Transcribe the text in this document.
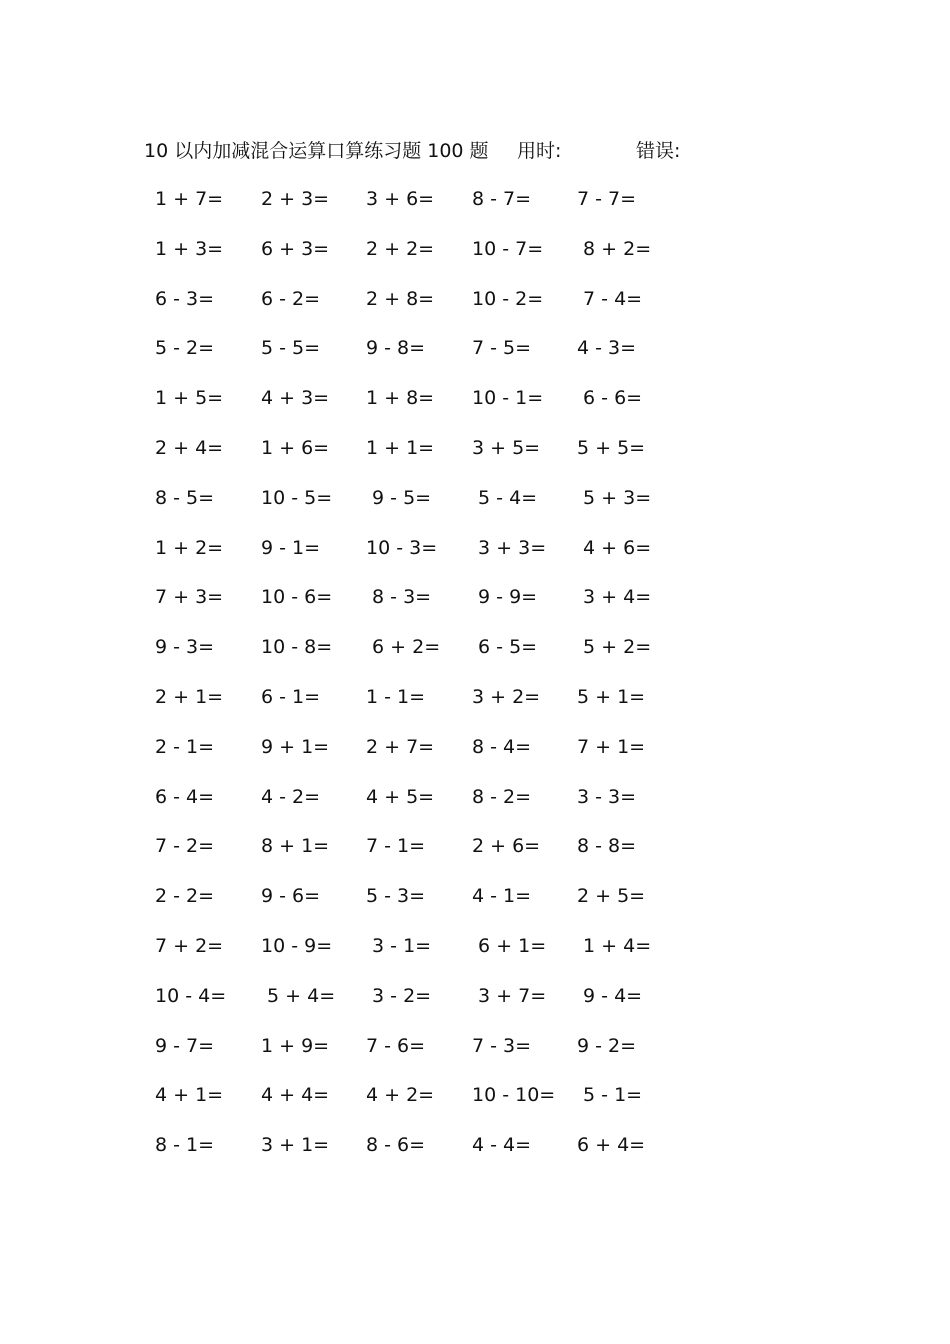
10 以内加减混合运算口算练习题 100 题 用时:	错误:
1 + 7= 2 + 3= 3 + 6= 8 - 7= 7 - 7=
1 + 3= 6 + 3= 2 + 2= 10 - 7= 8 + 2=
6 - 3= 6 - 2= 2 + 8= 10 - 2= 7 - 4=
5 - 2= 5 - 5= 9 - 8= 7 - 5= 4 - 3=
1 + 5= 4 + 3= 1 + 8= 10 - 1= 6 - 6=
2 + 4= 1 + 6= 1 + 1= 3 + 5= 5 + 5=
8 - 5= 10 - 5= 9 - 5= 5 - 4= 5 + 3=
1 + 2= 9 - 1= 10 - 3= 3 + 3= 4 + 6=
7 + 3= 10 - 6= 8 - 3= 9 - 9= 3 + 4=
9 - 3= 10 - 8= 6 + 2= 6 - 5= 5 + 2=
2 + 1= 6 - 1= 1 - 1= 3 + 2= 5 + 1=
2 - 1= 9 + 1= 2 + 7= 8 - 4= 7 + 1=
6 - 4= 4 - 2= 4 + 5= 8 - 2= 3 - 3=
7 - 2= 8 + 1= 7 - 1= 2 + 6= 8 - 8=
2 - 2= 9 - 6= 5 - 3= 4 - 1= 2 + 5=
7 + 2= 10 - 9= 3 - 1= 6 + 1= 1 + 4=
10 - 4= 5 + 4= 3 - 2= 3 + 7= 9 - 4=
9 - 7= 1 + 9= 7 - 6= 7 - 3= 9 - 2=
4 + 1= 4 + 4= 4 + 2= 10 - 10= 5 - 1=
8 - 1= 3 + 1= 8 - 6= 4 - 4= 6 + 4=
